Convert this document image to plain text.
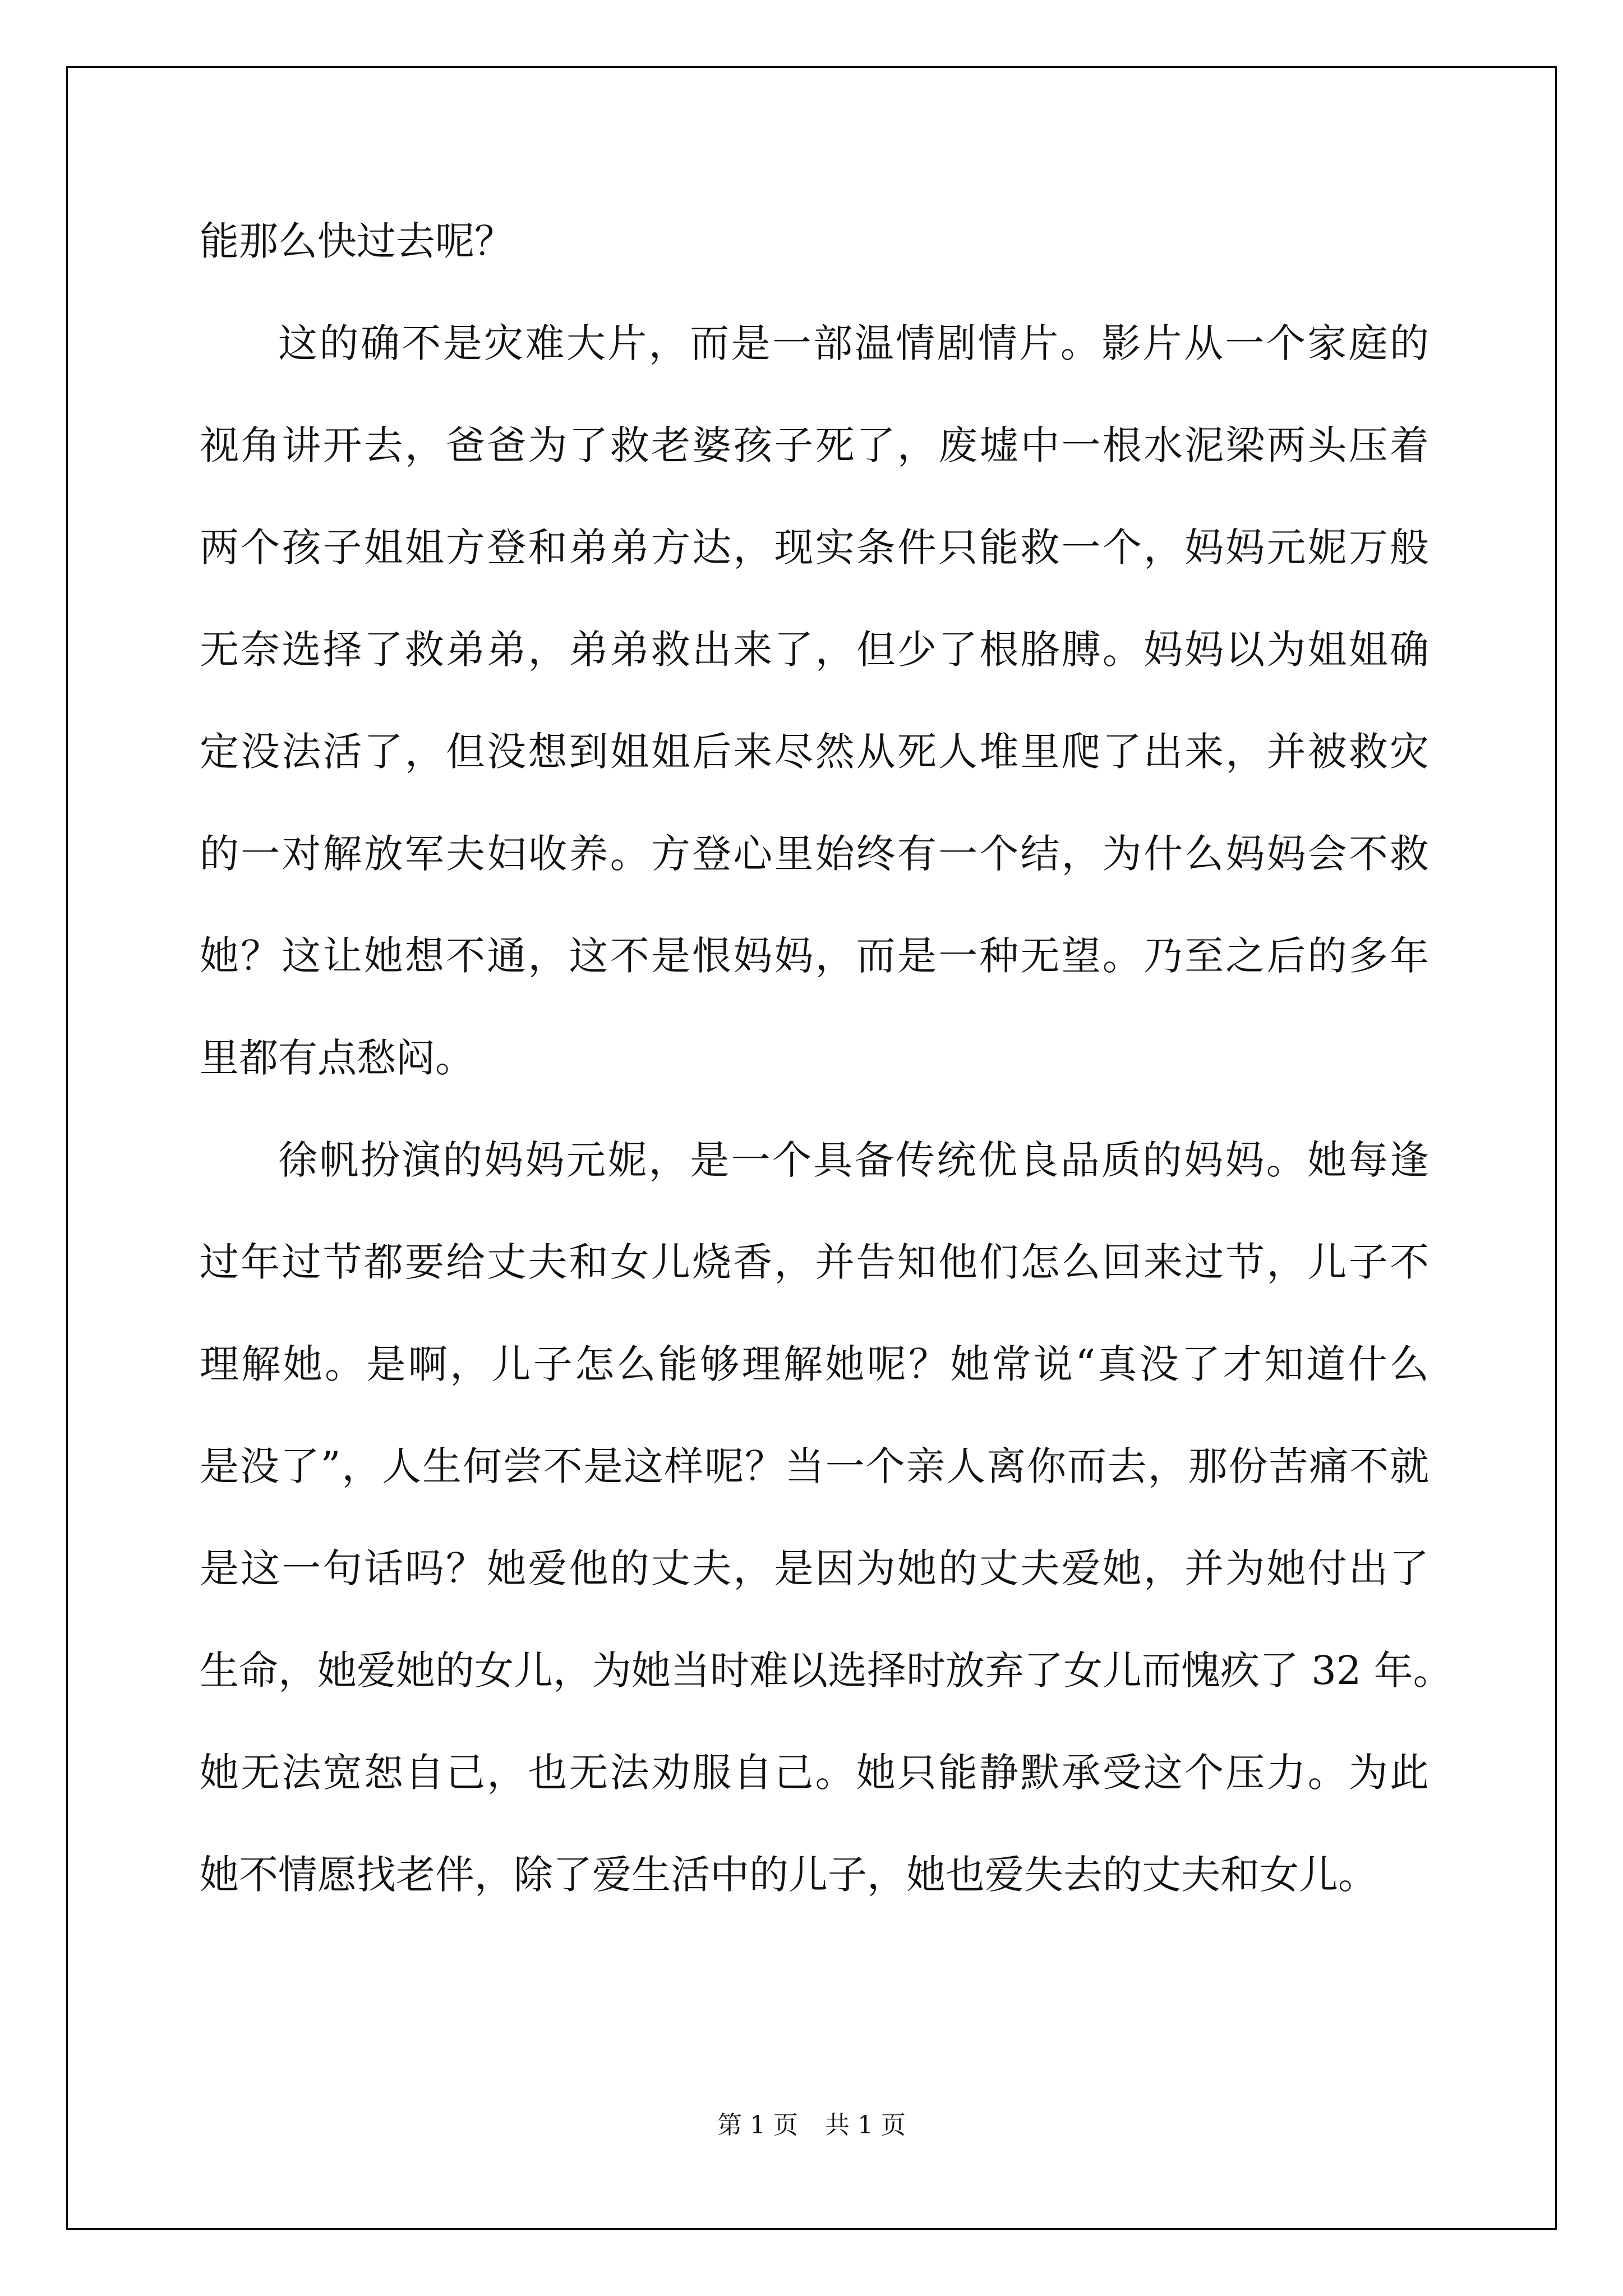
能那么快过去呢？
这的确不是灾难大片，而是一部温情剧情片。影片从一个家庭的
视角讲开去，爸爸为了救老婆孩子死了，废墟中一根水泥梁两头压着
两个孩子姐姐方登和弟弟方达，现实条件只能救一个，妈妈元妮万般
无奈选择了救弟弟，弟弟救出来了，但少了根胳膊。妈妈以为姐姐确
定没法活了，但没想到姐姐后来尽然从死人堆里爬了出来，并被救灾
的一对解放军夫妇收养。方登心里始终有一个结，为什么妈妈会不救
她？这让她想不通，这不是恨妈妈，而是一种无望。乃至之后的多年
里都有点愁闷。
徐帆扮演的妈妈元妮，是一个具备传统优良品质的妈妈。她每逢
过年过节都要给丈夫和女儿烧香，并告知他们怎么回来过节，儿子不
理解她。是啊，儿子怎么能够理解她呢？她常说“真没了才知道什么
是没了”，人生何尝不是这样呢？当一个亲人离你而去，那份苦痛不就
是这一句话吗？她爱他的丈夫，是因为她的丈夫爱她，并为她付出了
生命，她爱她的女儿，为她当时难以选择时放弃了女儿而愧疚了 32 年。
她无法宽恕自己，也无法劝服自己。她只能静默承受这个压力。为此
她不情愿找老伴，除了爱生活中的儿子，她也爱失去的丈夫和女儿。
第 1 页 共 1 页
